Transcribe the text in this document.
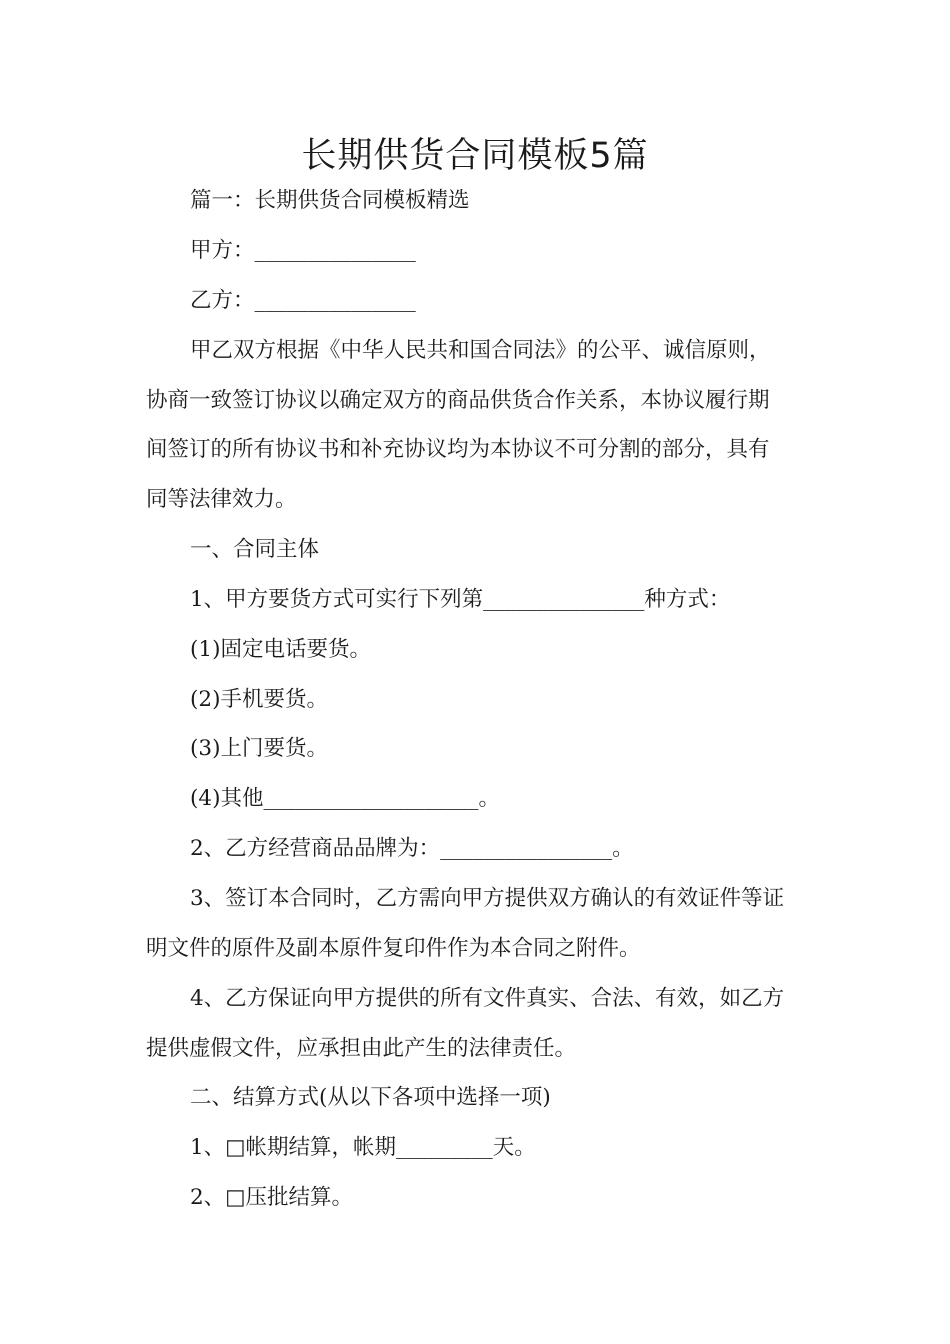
长期供货合同模板5篇
篇一：长期供货合同模板精选
甲方：_______________
乙方：_______________
甲乙双方根据《中华人民共和国合同法》的公平、诚信原则，
协商一致签订协议以确定双方的商品供货合作关系，本协议履行期
间签订的所有协议书和补充协议均为本协议不可分割的部分，具有
同等法律效力。
一、合同主体
1、甲方要货方式可实行下列第_______________种方式：
(1)固定电话要货。
(2)手机要货。
(3)上门要货。
(4)其他____________________。
2、乙方经营商品品牌为：________________。
3、签订本合同时，乙方需向甲方提供双方确认的有效证件等证
明文件的原件及副本原件复印件作为本合同之附件。
4、乙方保证向甲方提供的所有文件真实、合法、有效，如乙方
提供虚假文件，应承担由此产生的法律责任。
二、结算方式(从以下各项中选择一项)
1、□帐期结算，帐期_________天。
2、□压批结算。
